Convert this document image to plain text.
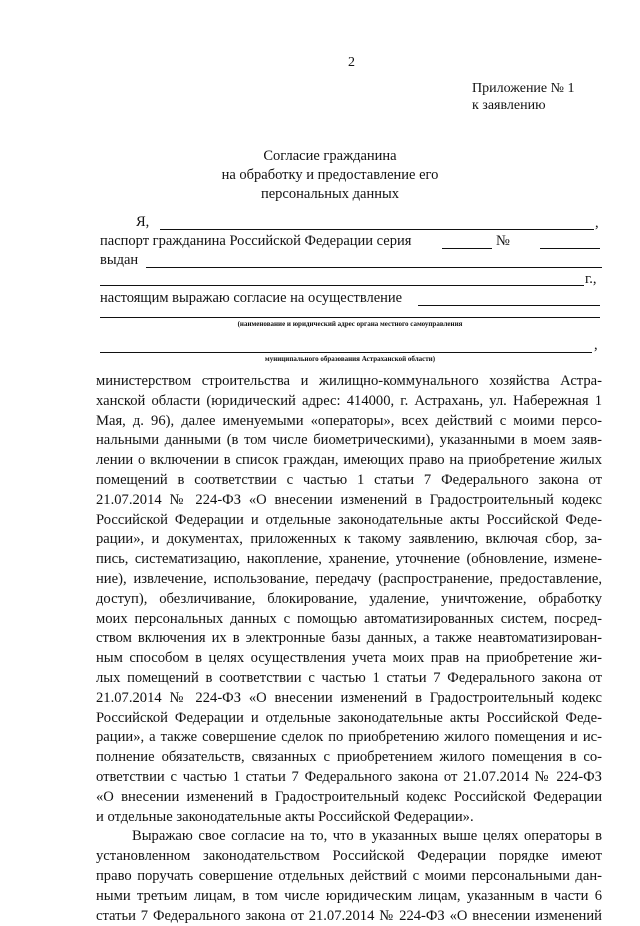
2
Приложение № 1
к заявлению
Согласие гражданина
на обработку и предоставление его
персональных данных
Я,	,
паспорт гражданина Российской Федерации серия	№
выдан
г.,
настоящим выражаю согласие на осуществление
(наименование и юридический адрес органа местного самоуправления
,
муниципального образования Астраханской области)

министерством строительства и жилищно-коммунального хозяйства Астра-
ханской области (юридический адрес: 414000, г. Астрахань, ул. Набережная 1
Мая, д. 96), далее именуемыми «операторы», всех действий с моими персо-
нальными данными (в том числе биометрическими), указанными в моем заяв-
лении о включении в список граждан, имеющих право на приобретение жилых
помещений в соответствии с частью 1 статьи 7 Федерального закона от
21.07.2014 № 224-ФЗ «О внесении изменений в Градостроительный кодекс
Российской Федерации и отдельные законодательные акты Российской Феде-
рации», и документах, приложенных к такому заявлению, включая сбор, за-
пись, систематизацию, накопление, хранение, уточнение (обновление, измене-
ние), извлечение, использование, передачу (распространение, предоставление,
доступ), обезличивание, блокирование, удаление, уничтожение, обработку
моих персональных данных с помощью автоматизированных систем, посред-
ством включения их в электронные базы данных, а также неавтоматизирован-
ным способом в целях осуществления учета моих прав на приобретение жи-
лых помещений в соответствии с частью 1 статьи 7 Федерального закона от
21.07.2014 № 224-ФЗ «О внесении изменений в Градостроительный кодекс
Российской Федерации и отдельные законодательные акты Российской Феде-
рации», а также совершение сделок по приобретению жилого помещения и ис-
полнение обязательств, связанных с приобретением жилого помещения в со-
ответствии с частью 1 статьи 7 Федерального закона от 21.07.2014 № 224-ФЗ
«О внесении изменений в Градостроительный кодекс Российской Федерации
и отдельные законодательные акты Российской Федерации».

Выражаю свое согласие на то, что в указанных выше целях операторы в
установленном законодательством Российской Федерации порядке имеют
право поручать совершение отдельных действий с моими персональными дан-
ными третьим лицам, в том числе юридическим лицам, указанным в части 6
статьи 7 Федерального закона от 21.07.2014 № 224-ФЗ «О внесении изменений
